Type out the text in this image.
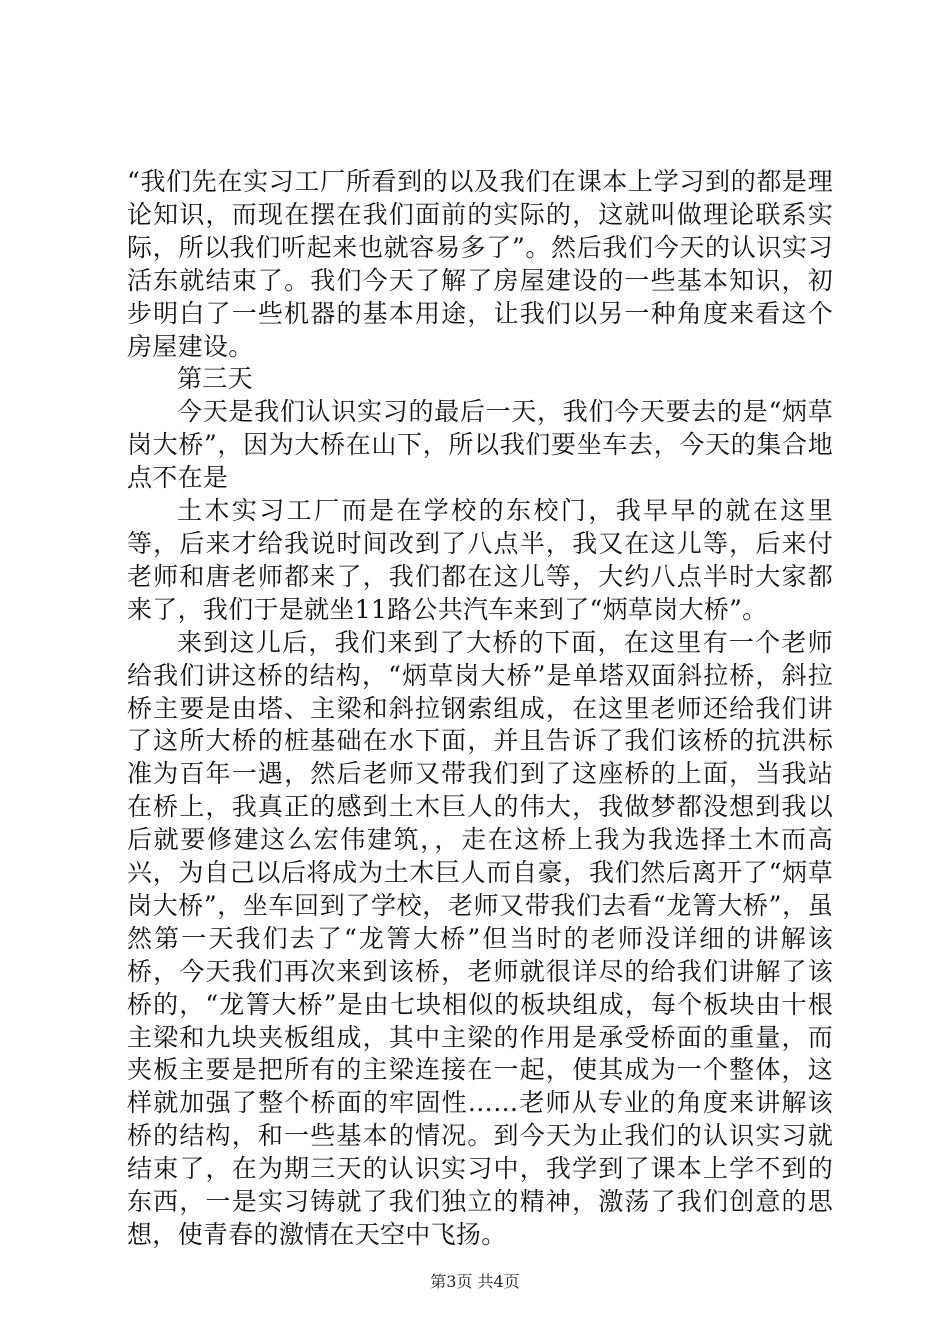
“我们先在实习工厂所看到的以及我们在课本上学习到的都是理论知识，而现在摆在我们面前的实际的，这就叫做理论联系实际，所以我们听起来也就容易多了”。然后我们今天的认识实习活东就结束了。我们今天了解了房屋建设的一些基本知识，初步明白了一些机器的基本用途，让我们以另一种角度来看这个房屋建设。

第三天

今天是我们认识实习的最后一天，我们今天要去的是“炳草岗大桥”，因为大桥在山下，所以我们要坐车去，今天的集合地点不在是

土木实习工厂而是在学校的东校门，我早早的就在这里等，后来才给我说时间改到了八点半，我又在这儿等，后来付老师和唐老师都来了，我们都在这儿等，大约八点半时大家都来了，我们于是就坐11路公共汽车来到了“炳草岗大桥”。

来到这儿后，我们来到了大桥的下面，在这里有一个老师给我们讲这桥的结构，“炳草岗大桥”是单塔双面斜拉桥，斜拉桥主要是由塔、主梁和斜拉钢索组成，在这里老师还给我们讲了这所大桥的桩基础在水下面，并且告诉了我们该桥的抗洪标准为百年一遇，然后老师又带我们到了这座桥的上面，当我站在桥上，我真正的感到土木巨人的伟大，我做梦都没想到我以后就要修建这么宏伟建筑，，走在这桥上我为我选择土木而高兴，为自己以后将成为土木巨人而自豪，我们然后离开了“炳草岗大桥”，坐车回到了学校，老师又带我们去看“龙箐大桥”，虽然第一天我们去了“龙箐大桥”但当时的老师没详细的讲解该桥，今天我们再次来到该桥，老师就很详尽的给我们讲解了该桥的，“龙箐大桥”是由七块相似的板块组成，每个板块由十根主梁和九块夹板组成，其中主梁的作用是承受桥面的重量，而夹板主要是把所有的主梁连接在一起，使其成为一个整体，这样就加强了整个桥面的牢固性……老师从专业的角度来讲解该桥的结构，和一些基本的情况。到今天为止我们的认识实习就结束了，在为期三天的认识实习中，我学到了课本上学不到的东西，一是实习铸就了我们独立的精神，激荡了我们创意的思想，使青春的激情在天空中飞扬。

第3页 共4页
